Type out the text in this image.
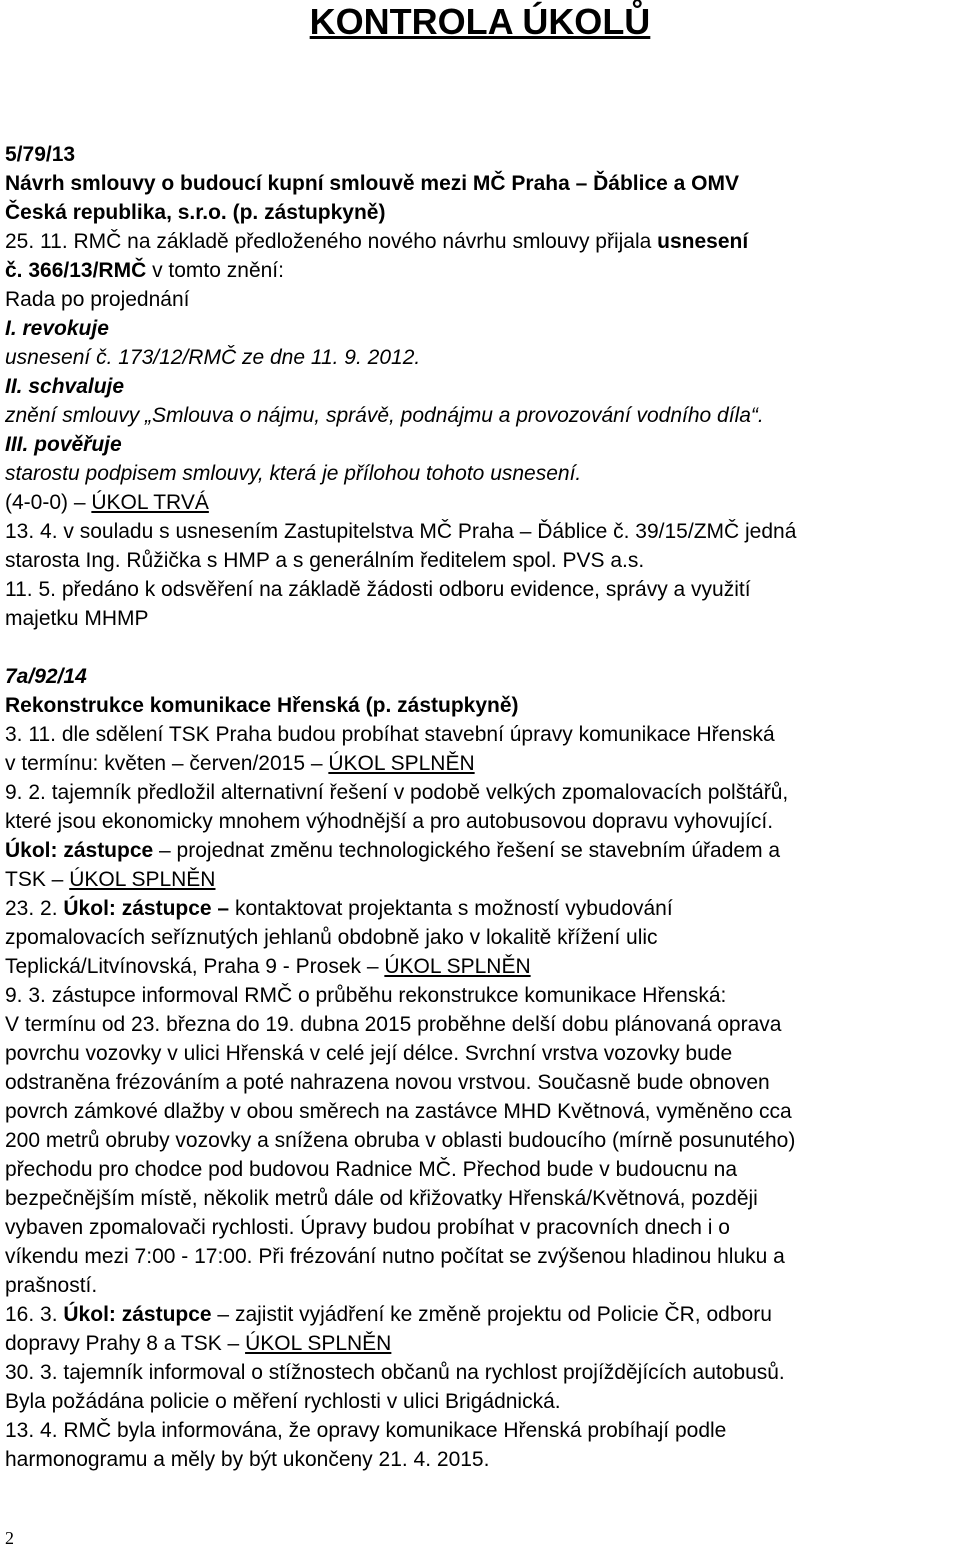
KONTROLA ÚKOLŮ
5/79/13
Návrh smlouvy o budoucí kupní smlouvě mezi MČ Praha – Ďáblice a OMV
Česká republika, s.r.o. (p. zástupkyně)
25. 11. RMČ na základě předloženého nového návrhu smlouvy přijala usnesení
č. 366/13/RMČ v tomto znění:
Rada po projednání
I. revokuje
usnesení č. 173/12/RMČ ze dne 11. 9. 2012.
II. schvaluje
znění smlouvy „Smlouva o nájmu, správě, podnájmu a provozování vodního díla“.
III. pověřuje
starostu podpisem smlouvy, která je přílohou tohoto usnesení.
(4-0-0) – ÚKOL TRVÁ
13. 4. v souladu s usnesením Zastupitelstva MČ Praha – Ďáblice č. 39/15/ZMČ jedná
starosta Ing. Růžička s HMP a s generálním ředitelem spol. PVS a.s.
11. 5. předáno k odsvěření na základě žádosti odboru evidence, správy a využití
majetku MHMP
7a/92/14
Rekonstrukce komunikace Hřenská (p. zástupkyně)
3. 11. dle sdělení TSK Praha budou probíhat stavební úpravy komunikace Hřenská
v termínu: květen – červen/2015 – ÚKOL SPLNĚN
9. 2. tajemník předložil alternativní řešení v podobě velkých zpomalovacích polštářů,
které jsou ekonomicky mnohem výhodnější a pro autobusovou dopravu vyhovující.
Úkol: zástupce – projednat změnu technologického řešení se stavebním úřadem a
TSK – ÚKOL SPLNĚN
23. 2. Úkol: zástupce – kontaktovat projektanta s možností vybudování
zpomalovacích seříznutých jehlanů obdobně jako v lokalitě křížení ulic
Teplická/Litvínovská, Praha 9 - Prosek – ÚKOL SPLNĚN
9. 3. zástupce informoval RMČ o průběhu rekonstrukce komunikace Hřenská:
V termínu od 23. března do 19. dubna 2015 proběhne delší dobu plánovaná oprava
povrchu vozovky v ulici Hřenská v celé její délce. Svrchní vrstva vozovky bude
odstraněna frézováním a poté nahrazena novou vrstvou. Současně bude obnoven
povrch zámkové dlažby v obou směrech na zastávce MHD Květnová, vyměněno cca
200 metrů obruby vozovky a snížena obruba v oblasti budoucího (mírně posunutého)
přechodu pro chodce pod budovou Radnice MČ. Přechod bude v budoucnu na
bezpečnějším místě, několik metrů dále od křižovatky Hřenská/Květnová, později
vybaven zpomalovači rychlosti. Úpravy budou probíhat v pracovních dnech i o
víkendu mezi 7:00 - 17:00. Při frézování nutno počítat se zvýšenou hladinou hluku a
prašností.
16. 3. Úkol: zástupce – zajistit vyjádření ke změně projektu od Policie ČR, odboru
dopravy Prahy 8 a TSK – ÚKOL SPLNĚN
30. 3. tajemník informoval o stížnostech občanů na rychlost projíždějících autobusů.
Byla požádána policie o měření rychlosti v ulici Brigádnická.
13. 4. RMČ byla informována, že opravy komunikace Hřenská probíhají podle
harmonogramu a měly by být ukončeny 21. 4. 2015.
2
